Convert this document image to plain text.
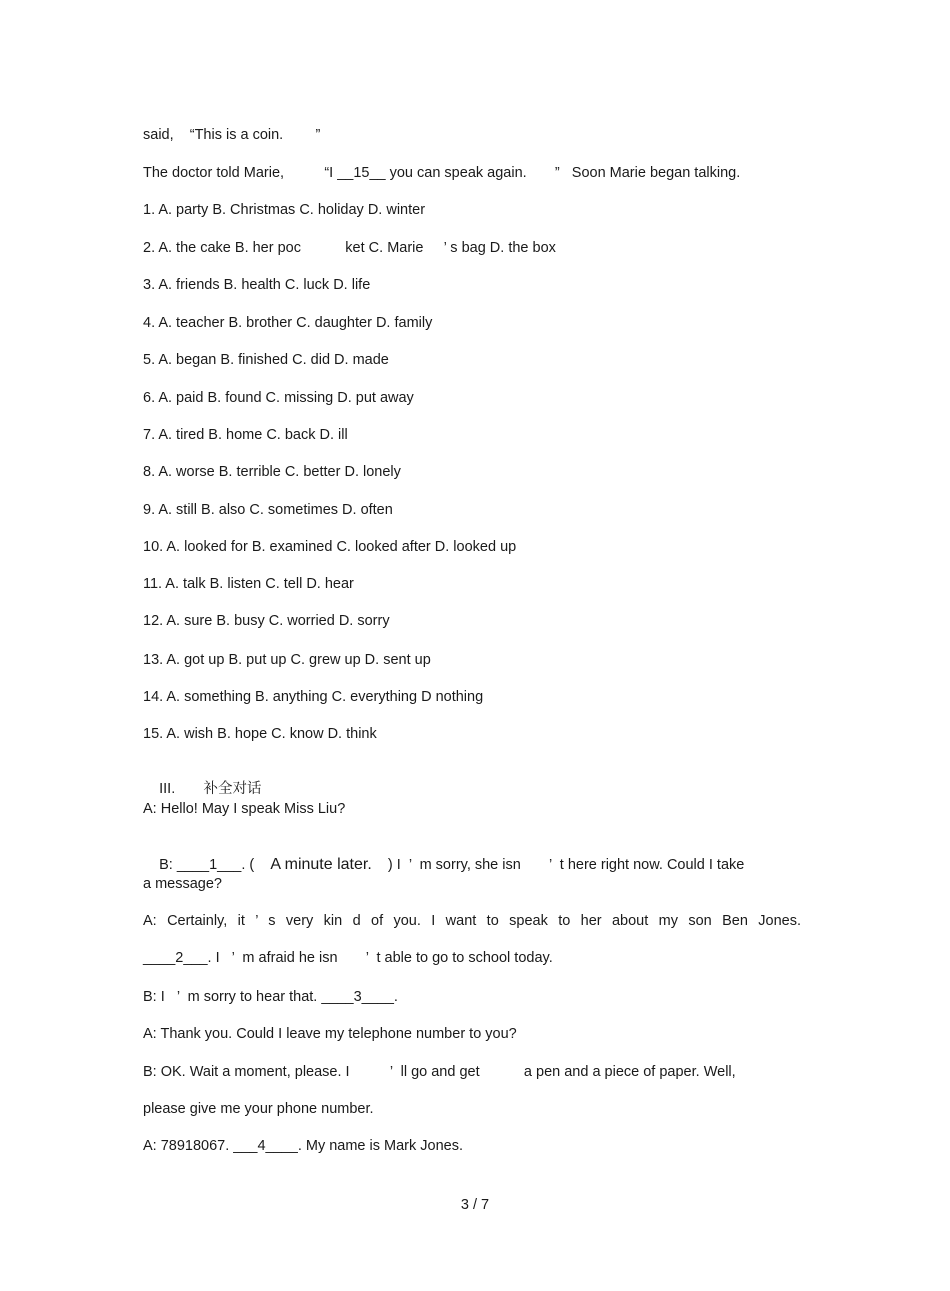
said,    “This is a coin.        ”
The doctor told Marie,          “I __15__ you can speak again.       ”   Soon Marie began talking.
1. A. party B. Christmas C. holiday D. winter
2. A. the cake B. her poc           ket C. Marie     ’ s bag D. the box
3. A. friends B. health C. luck D. life
4. A. teacher B. brother C. daughter D. family
5. A. began B. finished C. did D. made
6. A. paid B. found C. missing D. put away
7. A. tired B. home C. back D. ill
8. A. worse B. terrible C. better D. lonely
9. A. still B. also C. sometimes D. often
10. A. looked for B. examined C. looked after D. looked up
11. A. talk B. listen C. tell D. hear
12. A. sure B. busy C. worried D. sorry
13. A. got up B. put up C. grew up D. sent up
14. A. something B. anything C. everything D nothing
15. A. wish B. hope C. know D. think

III. 补全对话

A: Hello! May I speak Miss Liu?

B: ____1___. (    A minute later.    ) I  ’  m sorry, she isn       ’  t here right now. Could I take

a message?
A: Certainly, it ’ s very kin d of you. I want to speak to her about my son Ben Jones.
____2___. I   ’  m afraid he isn       ’  t able to go to school today.
B: I   ’  m sorry to hear that. ____3____.
A: Thank you. Could I leave my telephone number to you?
B: OK. Wait a moment, please. I          ’  ll go and get           a pen and a piece of paper. Well,
please give me your phone number.
A: 78918067. ___4____. My name is Mark Jones.
3 / 7
